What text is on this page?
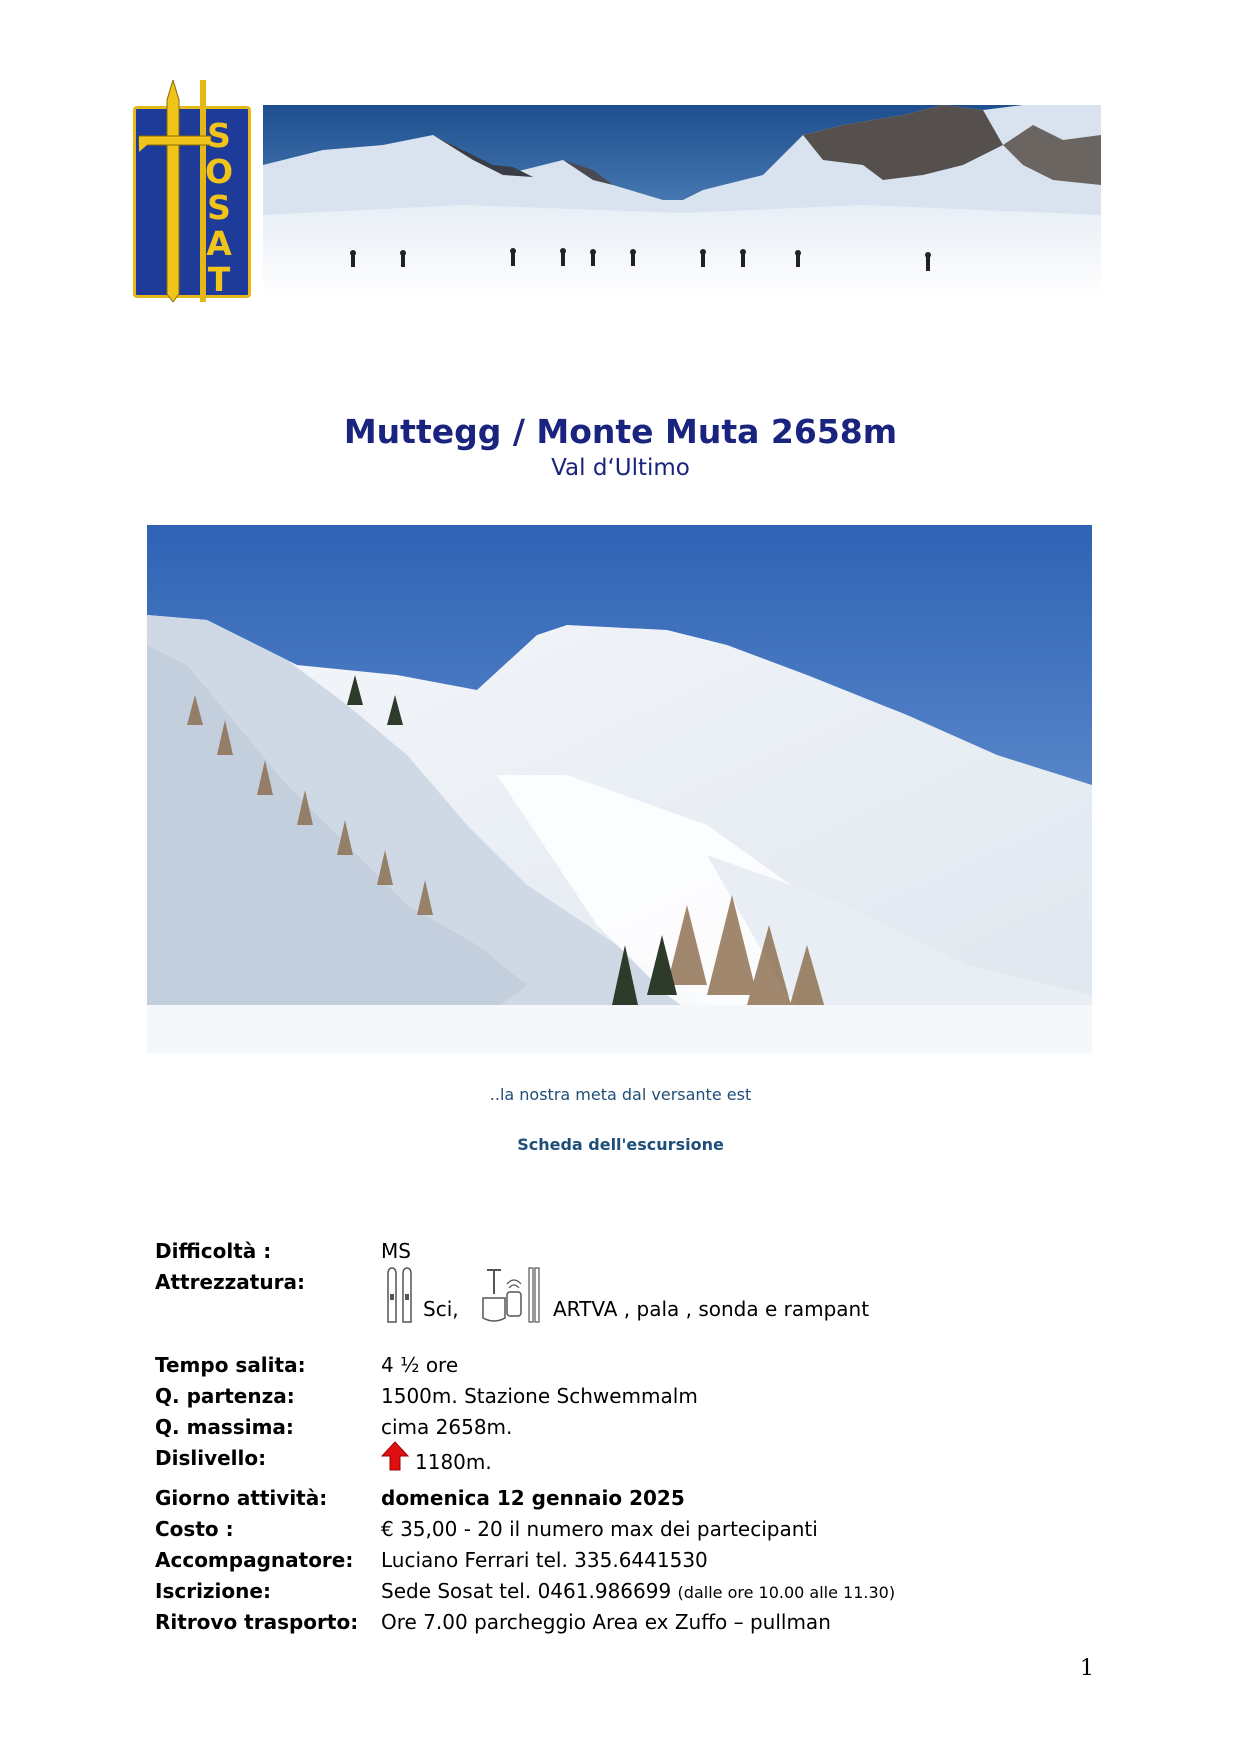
S
O
S
A
T
Muttegg / Monte Muta 2658m
Val d‘Ultimo
..la nostra meta dal versante est
Scheda dell'escursione
Difficoltà :	MS
Attrezzatura:
Sci,	ARTVA , pala , sonda e rampant
Tempo salita:	4 ½ ore
Q. partenza:	1500m. Stazione Schwemmalm
Q. massima:	cima 2658m.
Dislivello:	1180m.
Giorno attività:	domenica 12 gennaio 2025
Costo :	€ 35,00 - 20 il numero max dei partecipanti
Accompagnatore: Luciano Ferrari tel. 335.6441530
Iscrizione:	Sede Sosat tel. 0461.986699 (dalle ore 10.00 alle 11.30)
Ritrovo trasporto: Ore 7.00 parcheggio Area ex Zuffo – pullman
1
